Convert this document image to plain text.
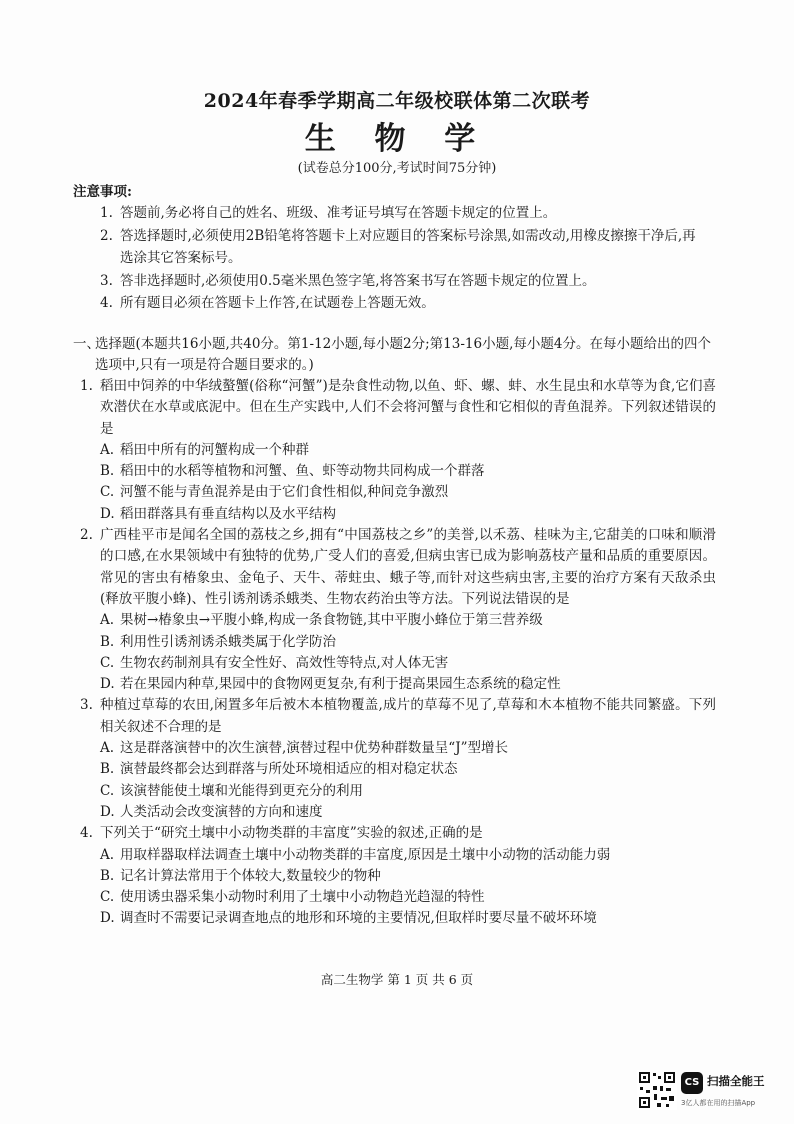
2024年春季学期高二年级校联体第二次联考
生 物 学
(试卷总分100分,考试时间75分钟)
注意事项:
1. 答题前,务必将自己的姓名、班级、准考证号填写在答题卡规定的位置上。
2. 答选择题时,必须使用2B铅笔将答题卡上对应题目的答案标号涂黑,如需改动,用橡皮擦擦干净后,再选涂其它答案标号。
3. 答非选择题时,必须使用0.5毫米黑色签字笔,将答案书写在答题卡规定的位置上。
4. 所有题目必须在答题卡上作答,在试题卷上答题无效。
一、
选择题(本题共16小题,共40分。第1-12小题,每小题2分;第13-16小题,每小题4分。在每小题给出的四个选项中,只有一项是符合题目要求的。)
1. 稻田中饲养的中华绒螯蟹(俗称“河蟹”)是杂食性动物,以鱼、虾、螺、蚌、水生昆虫和水草等为食,它们喜欢潜伏在水草或底泥中。但在生产实践中,人们不会将河蟹与食性和它相似的青鱼混养。下列叙述错误的是
A. 稻田中所有的河蟹构成一个种群
B. 稻田中的水稻等植物和河蟹、鱼、虾等动物共同构成一个群落
C. 河蟹不能与青鱼混养是由于它们食性相似,种间竞争激烈
D. 稻田群落具有垂直结构以及水平结构
2. 广西桂平市是闻名全国的荔枝之乡,拥有“中国荔枝之乡”的美誉,以禾荔、桂味为主,它甜美的口味和顺滑的口感,在水果领域中有独特的优势,广受人们的喜爱,但病虫害已成为影响荔枝产量和品质的重要原因。常见的害虫有椿象虫、金龟子、天牛、蒂蛀虫、蛾子等,而针对这些病虫害,主要的治疗方案有天敌杀虫(释放平腹小蜂)、性引诱剂诱杀蛾类、生物农药治虫等方法。下列说法错误的是
A. 果树→椿象虫→平腹小蜂,构成一条食物链,其中平腹小蜂位于第三营养级
B. 利用性引诱剂诱杀蛾类属于化学防治
C. 生物农药制剂具有安全性好、高效性等特点,对人体无害
D. 若在果园内种草,果园中的食物网更复杂,有利于提高果园生态系统的稳定性
3. 种植过草莓的农田,闲置多年后被木本植物覆盖,成片的草莓不见了,草莓和木本植物不能共同繁盛。下列相关叙述不合理的是
A. 这是群落演替中的次生演替,演替过程中优势种群数量呈“J”型增长
B. 演替最终都会达到群落与所处环境相适应的相对稳定状态
C. 该演替能使土壤和光能得到更充分的利用
D. 人类活动会改变演替的方向和速度
4. 下列关于“研究土壤中小动物类群的丰富度”实验的叙述,正确的是
A. 用取样器取样法调查土壤中小动物类群的丰富度,原因是土壤中小动物的活动能力弱
B. 记名计算法常用于个体较大,数量较少的物种
C. 使用诱虫器采集小动物时利用了土壤中小动物趋光趋湿的特性
D. 调查时不需要记录调查地点的地形和环境的主要情况,但取样时要尽量不破坏环境
高二生物学 第 1 页 共 6 页
CS 扫描全能王
3亿人都在用的扫描App
